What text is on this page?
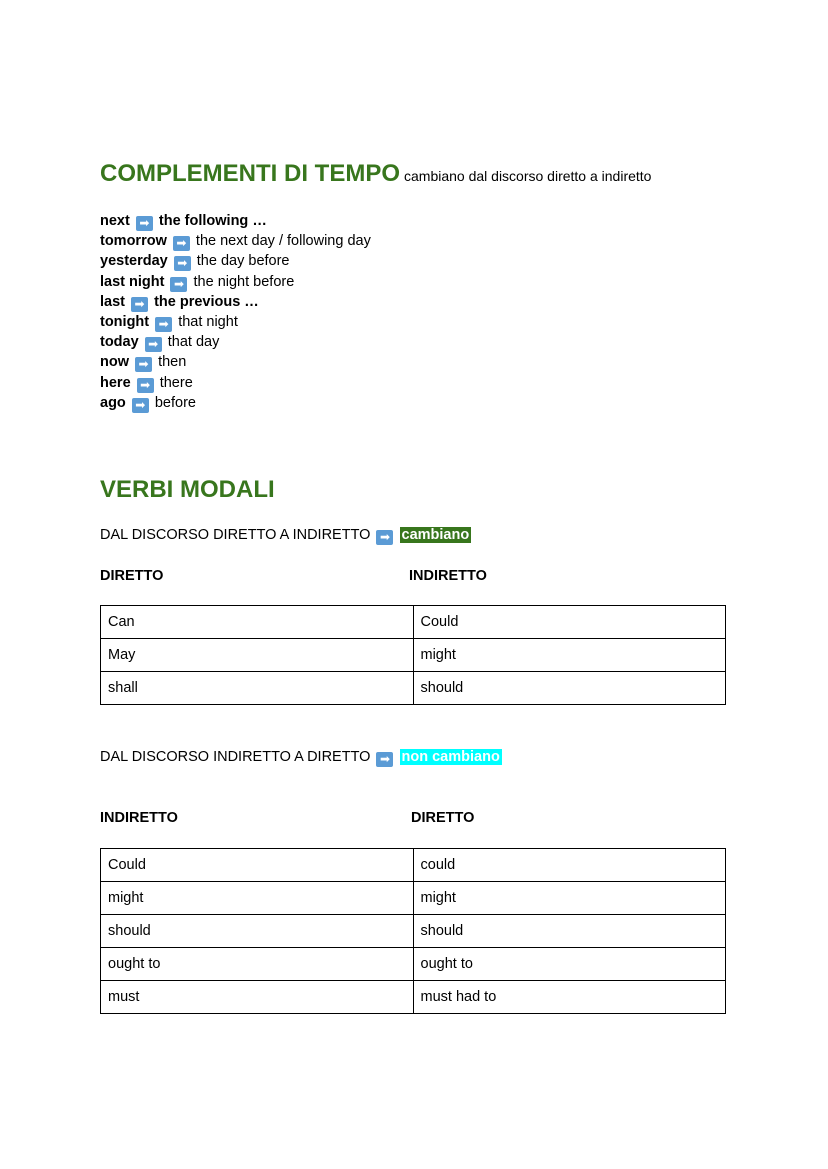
COMPLEMENTI DI TEMPO cambiano dal discorso diretto a indiretto
next ➡ the following …
tomorrow ➡ the next day / following day
yesterday ➡ the day before
last night ➡ the night before
last ➡ the previous …
tonight ➡ that night
today ➡ that day
now ➡ then
here ➡ there
ago ➡ before
VERBI MODALI
DAL DISCORSO DIRETTO A INDIRETTO ➡ cambiano
DIRETTO	INDIRETTO
Can	Could
May	might
shall	should
DAL DISCORSO INDIRETTO A DIRETTO ➡ non cambiano
INDIRETTO	DIRETTO
Could	could
might	might
should	should
ought to	ought to
must	must had to
